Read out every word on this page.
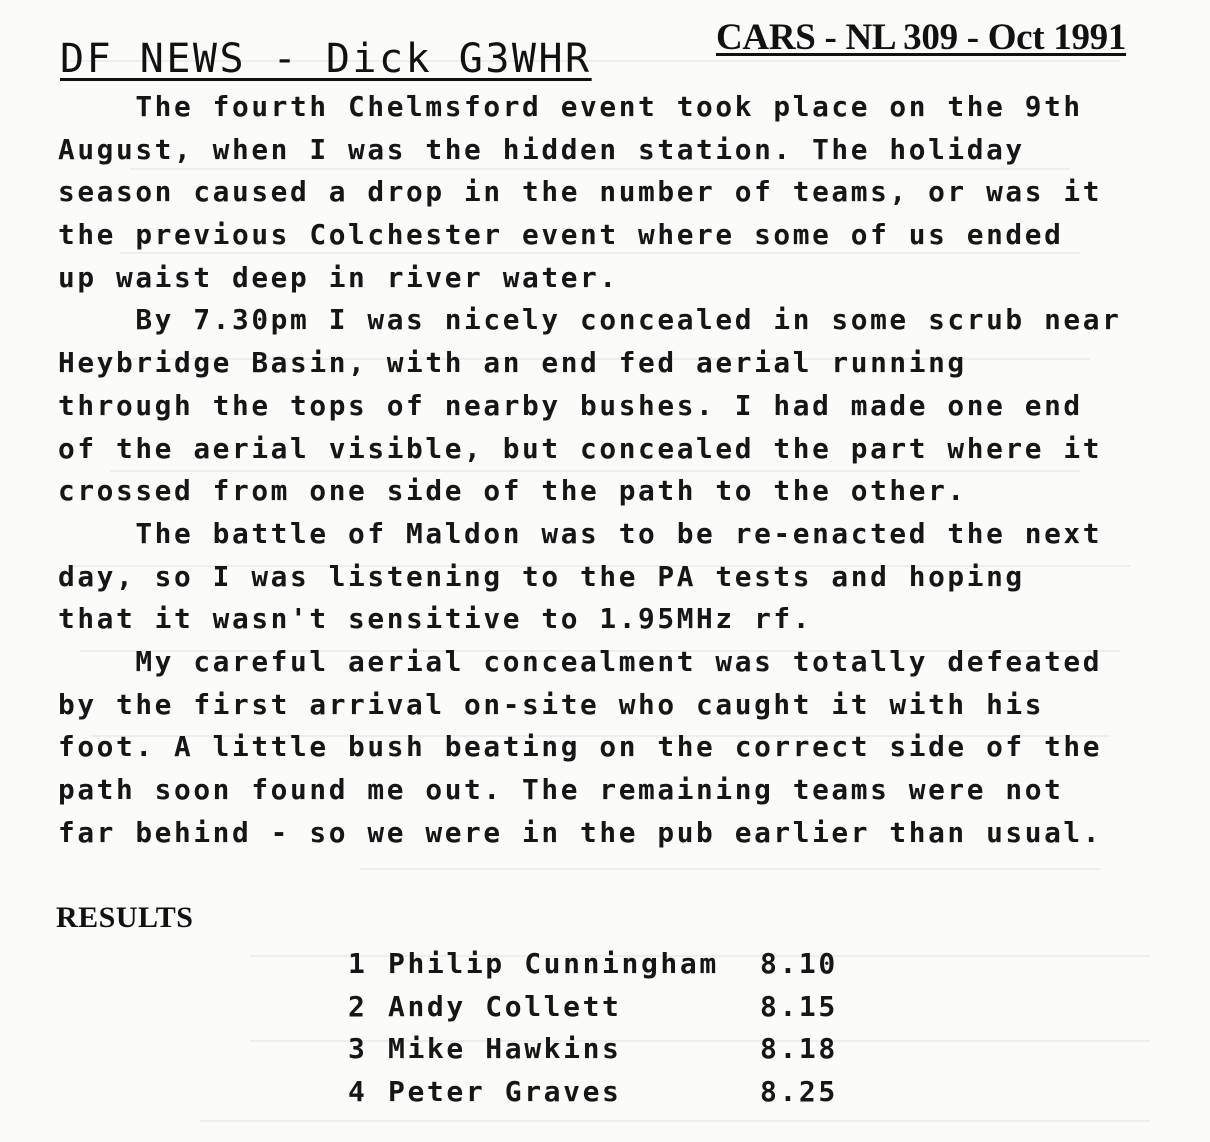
CARS - NL 309 - Oct 1991
DF NEWS - Dick G3WHR
The fourth Chelmsford event took place on the 9th
August, when I was the hidden station. The holiday
season caused a drop in the number of teams, or was it
the previous Colchester event where some of us ended
up waist deep in river water.
By 7.30pm I was nicely concealed in some scrub near
Heybridge Basin, with an end fed aerial running
through the tops of nearby bushes. I had made one end
of the aerial visible, but concealed the part where it
crossed from one side of the path to the other.
The battle of Maldon was to be re-enacted the next
day, so I was listening to the PA tests and hoping
that it wasn't sensitive to 1.95MHz rf.
My careful aerial concealment was totally defeated
by the first arrival on-site who caught it with his
foot. A little bush beating on the correct side of the
path soon found me out. The remaining teams were not
far behind - so we were in the pub earlier than usual.
RESULTS
1 Philip Cunningham	8.10
2 Andy Collett	8.15
3 Mike Hawkins	8.18
4 Peter Graves	8.25
